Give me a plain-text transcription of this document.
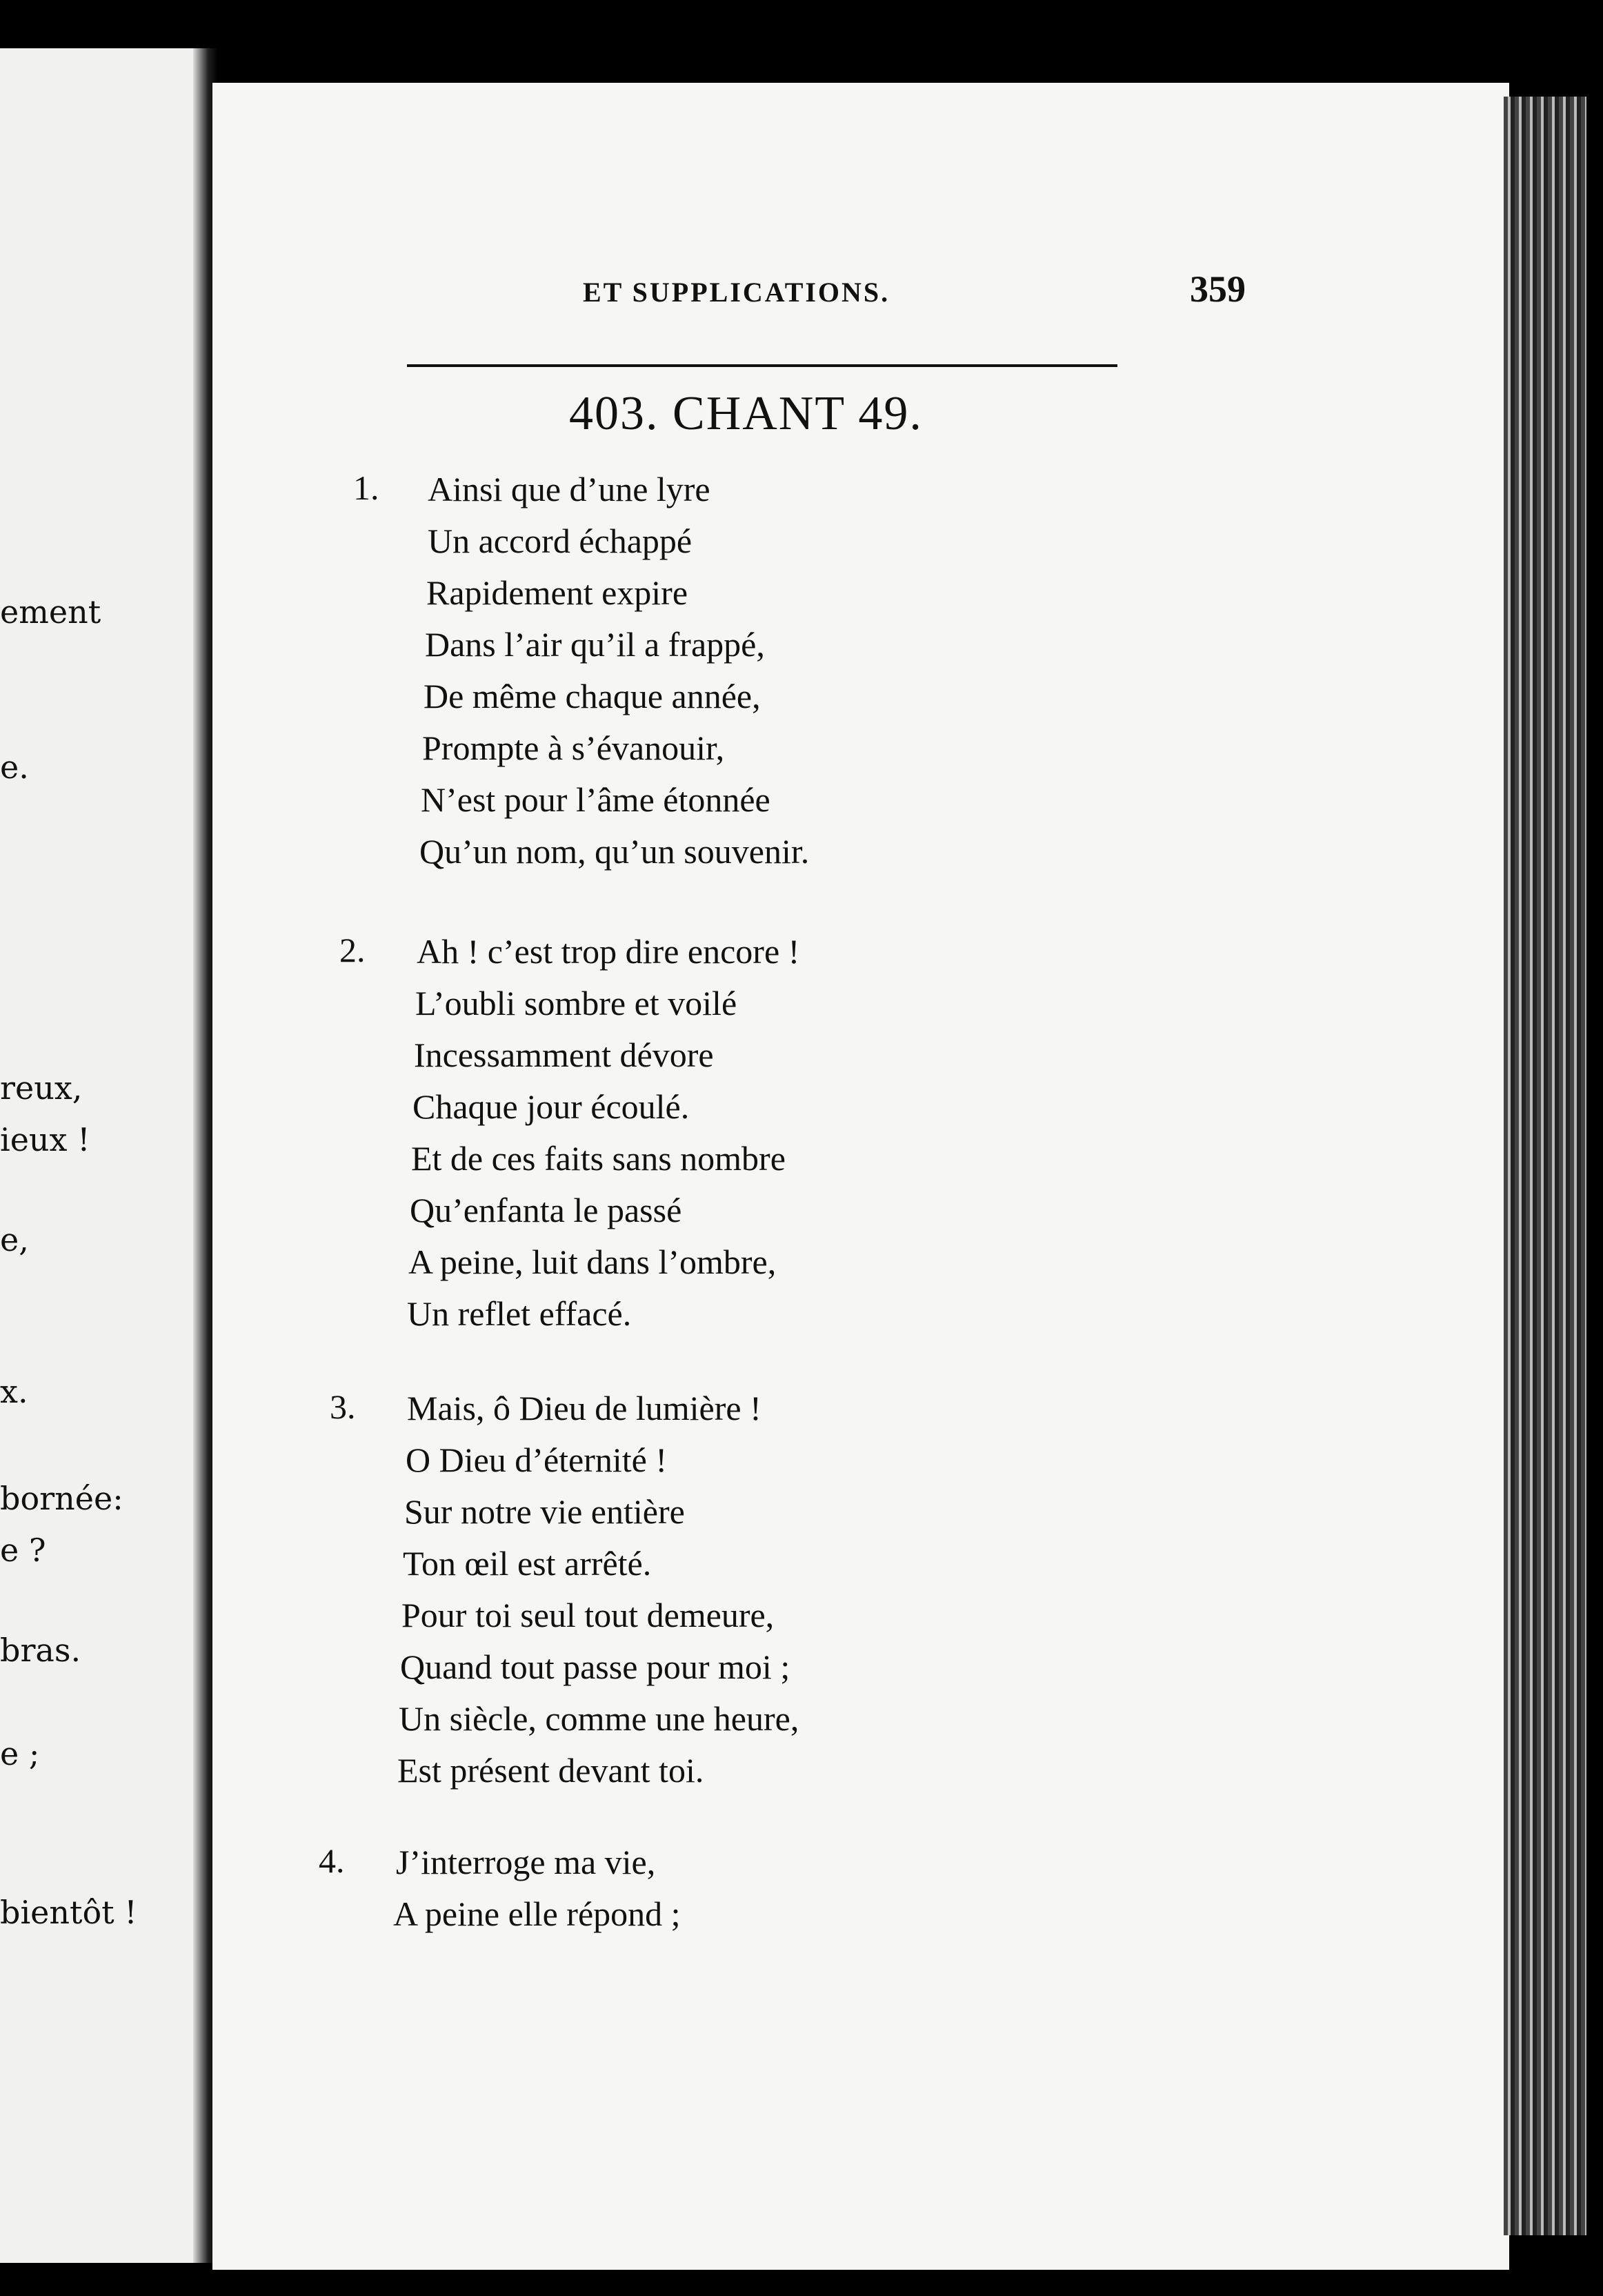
ement
e.
reux,
ieux !
e,
x.
bornée:
e ?
bras.
e ;
bientôt !
ET SUPPLICATIONS.	359
403. CHANT 49.
1. Ainsi que d’une lyre
Un accord échappé
Rapidement expire
Dans l’air qu’il a frappé,
De même chaque année,
Prompte à s’évanouir,
N’est pour l’âme étonnée
Qu’un nom, qu’un souvenir.
2. Ah ! c’est trop dire encore !
L’oubli sombre et voilé
Incessamment dévore
Chaque jour écoulé.
Et de ces faits sans nombre
Qu’enfanta le passé
A peine, luit dans l’ombre,
Un reflet effacé.
3. Mais, ô Dieu de lumière !
O Dieu d’éternité !
Sur notre vie entière
Ton œil est arrêté.
Pour toi seul tout demeure,
Quand tout passe pour moi ;
Un siècle, comme une heure,
Est présent devant toi.
4. J’interroge ma vie,
A peine elle répond ;
